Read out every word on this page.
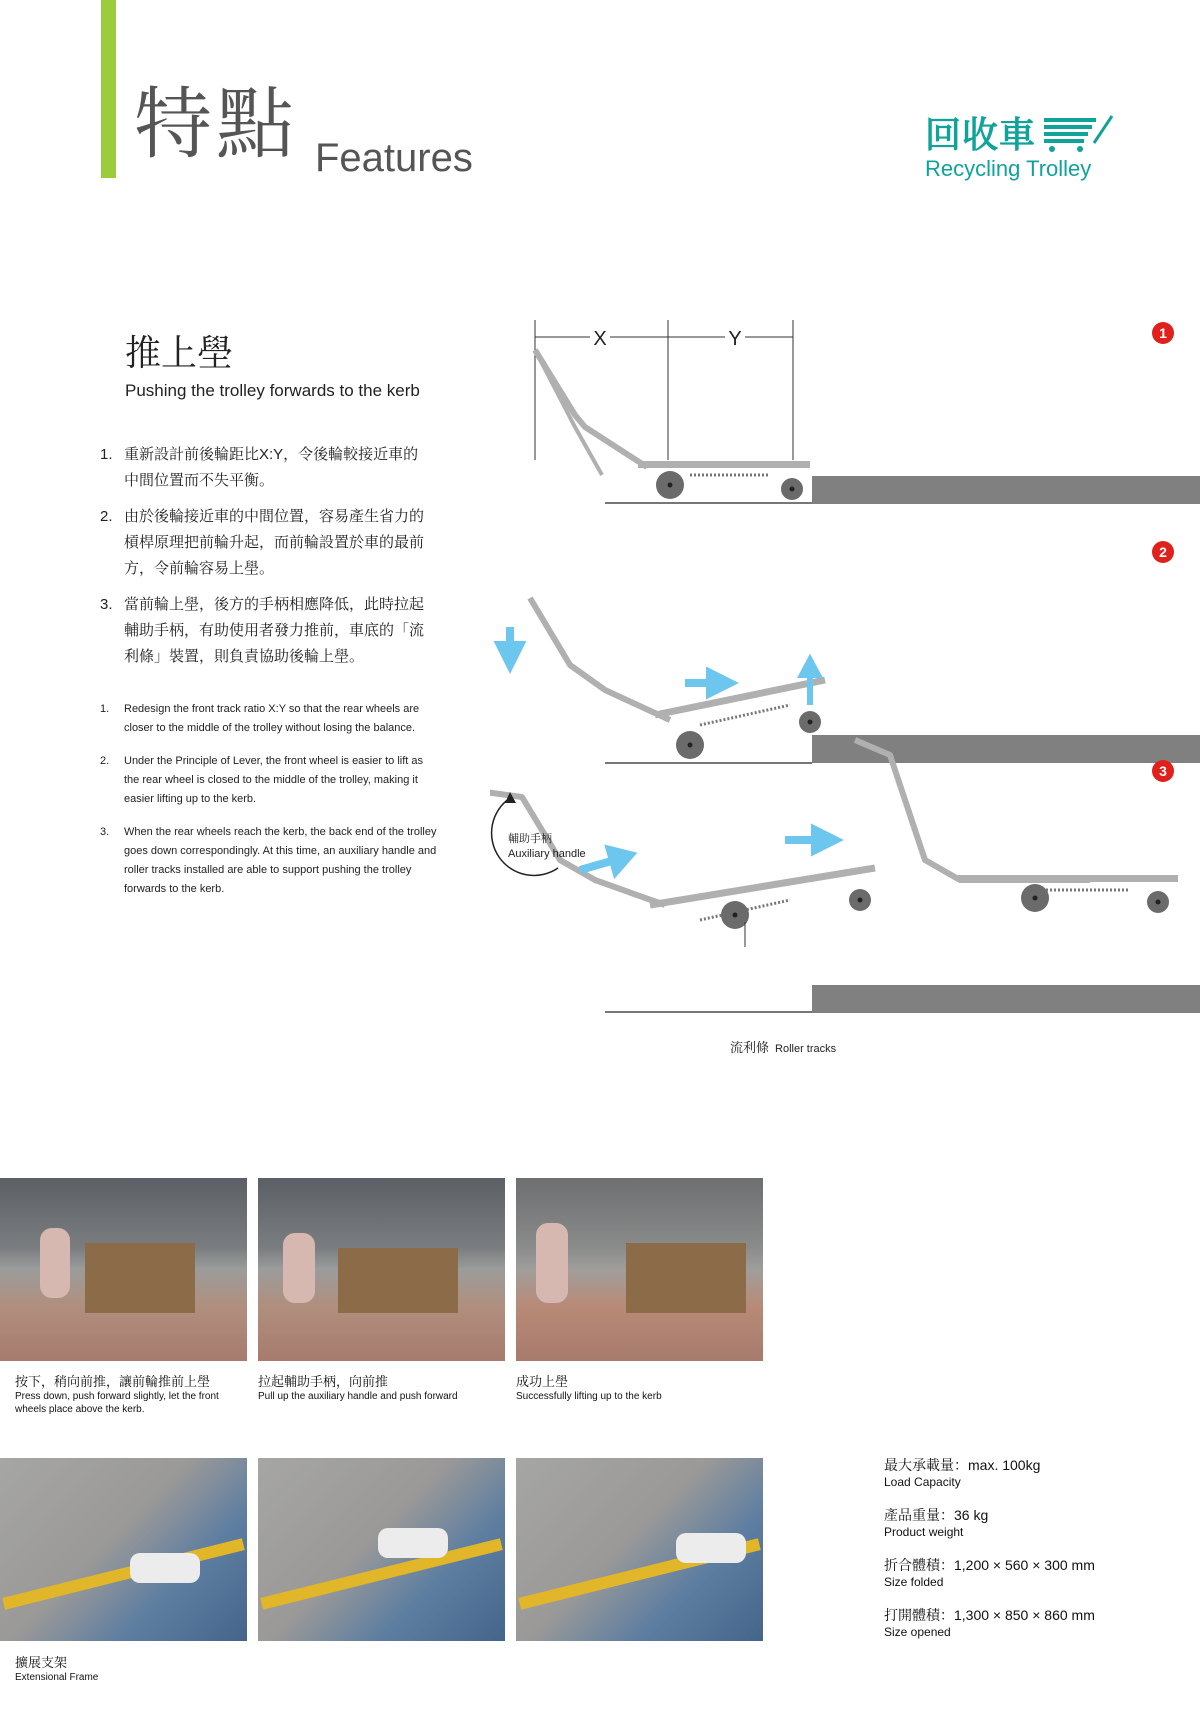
特點 Features
回收車
Recycling Trolley
推上壆
Pushing the trolley forwards to the kerb
1. 重新設計前後輪距比X:Y，令後輪較接近車的中間位置而不失平衡。
2. 由於後輪接近車的中間位置，容易產生省力的槓桿原理把前輪升起，而前輪設置於車的最前方，令前輪容易上壆。
3. 當前輪上壆，後方的手柄相應降低，此時拉起輔助手柄，有助使用者發力推前，車底的「流利條」裝置，則負責協助後輪上壆。
1. Redesign the front track ratio X:Y so that the rear wheels are closer to the middle of the trolley without losing the balance.
2. Under the Principle of Lever, the front wheel is easier to lift as the rear wheel is closed to the middle of the trolley, making it easier lifting up to the kerb.
3. When the rear wheels reach the kerb, the back end of the trolley goes down correspondingly. At this time, an auxiliary handle and roller tracks installed are able to support pushing the trolley forwards to the kerb.
X	Y	1
2
3
輔助手柄
Auxiliary handle
流利條 Roller tracks
按下，稍向前推，讓前輪推前上壆
Press down, push forward slightly, let the front wheels place above the kerb.
拉起輔助手柄，向前推
Pull up the auxiliary handle and push forward
成功上壆
Successfully lifting up to the kerb
擴展支架
Extensional Frame
最大承載量：max. 100kg
Load Capacity
產品重量：36 kg
Product weight
折合體積：1,200 × 560 × 300 mm
Size folded
打開體積：1,300 × 850 × 860 mm
Size opened
